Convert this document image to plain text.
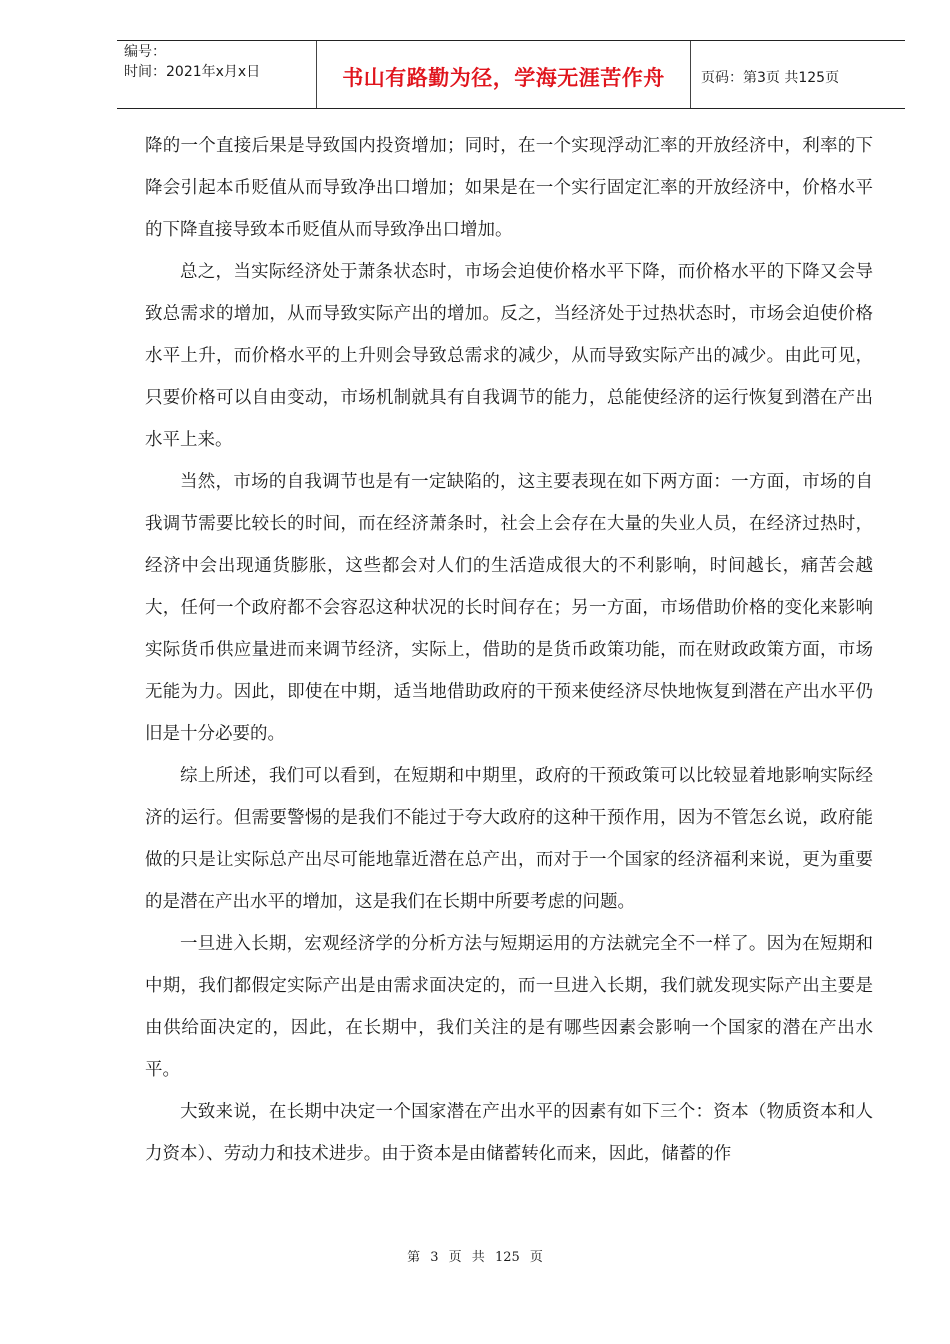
编号：
时间：2021年x月x日	书山有路勤为径，学海无涯苦作舟	页码：第3页 共125页

降的一个直接后果是导致国内投资增加；同时，在一个实现浮动汇率的开放经济中，利率的下降会引起本币贬值从而导致净出口增加；如果是在一个实行固定汇率的开放经济中，价格水平的下降直接导致本币贬值从而导致净出口增加。

总之，当实际经济处于萧条状态时，市场会迫使价格水平下降，而价格水平的下降又会导致总需求的增加，从而导致实际产出的增加。反之，当经济处于过热状态时，市场会迫使价格水平上升，而价格水平的上升则会导致总需求的减少，从而导致实际产出的减少。由此可见，只要价格可以自由变动，市场机制就具有自我调节的能力，总能使经济的运行恢复到潜在产出水平上来。

当然，市场的自我调节也是有一定缺陷的，这主要表现在如下两方面：一方面，市场的自我调节需要比较长的时间，而在经济萧条时，社会上会存在大量的失业人员，在经济过热时，经济中会出现通货膨胀，这些都会对人们的生活造成很大的不利影响，时间越长，痛苦会越大，任何一个政府都不会容忍这种状况的长时间存在；另一方面，市场借助价格的变化来影响实际货币供应量进而来调节经济，实际上，借助的是货币政策功能，而在财政政策方面，市场无能为力。因此，即使在中期，适当地借助政府的干预来使经济尽快地恢复到潜在产出水平仍旧是十分必要的。

综上所述，我们可以看到，在短期和中期里，政府的干预政策可以比较显着地影响实际经济的运行。但需要警惕的是我们不能过于夸大政府的这种干预作用，因为不管怎幺说，政府能做的只是让实际总产出尽可能地靠近潜在总产出，而对于一个国家的经济福利来说，更为重要的是潜在产出水平的增加，这是我们在长期中所要考虑的问题。

一旦进入长期，宏观经济学的分析方法与短期运用的方法就完全不一样了。因为在短期和中期，我们都假定实际产出是由需求面决定的，而一旦进入长期，我们就发现实际产出主要是由供给面决定的，因此，在长期中，我们关注的是有哪些因素会影响一个国家的潜在产出水平。

大致来说，在长期中决定一个国家潜在产出水平的因素有如下三个：资本（物质资本和人力资本）、劳动力和技术进步。由于资本是由储蓄转化而来，因此，储蓄的作

第 3 页 共 125 页
